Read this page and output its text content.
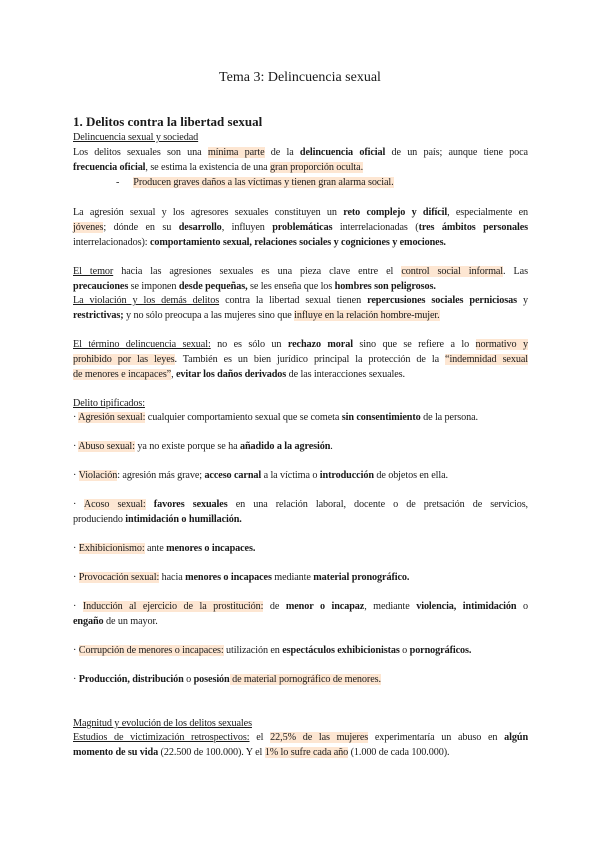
Tema 3: Delincuencia sexual
1. Delitos contra la libertad sexual
Delincuencia sexual y sociedad
Los delitos sexuales son una mínima parte de la delincuencia oficial de un país; aunque tiene poca
frecuencia oficial, se estima la existencia de una gran proporción oculta.
- Producen graves daños a las víctimas y tienen gran alarma social.
La agresión sexual y los agresores sexuales constituyen un reto complejo y difícil, especialmente en
jóvenes; dónde en su desarrollo, influyen problemáticas interrelacionadas (tres ámbitos personales
interrelacionados): comportamiento sexual, relaciones sociales y cogniciones y emociones.
El temor hacia las agresiones sexuales es una pieza clave entre el control social informal. Las
precauciones se imponen desde pequeñas, se les enseña que los hombres son peligrosos.
La violación y los demás delitos contra la libertad sexual tienen repercusiones sociales perniciosas y
restrictivas; y no sólo preocupa a las mujeres sino que influye en la relación hombre-mujer.
El término delincuencia sexual: no es sólo un rechazo moral sino que se refiere a lo normativo y
prohibido por las leyes. También es un bien jurídico principal la protección de la “indemnidad sexual
de menores e incapaces”, evitar los daños derivados de las interacciones sexuales.
Delito tipificados:
· Agresión sexual: cualquier comportamiento sexual que se cometa sin consentimiento de la persona.
· Abuso sexual: ya no existe porque se ha añadido a la agresión.
· Violación: agresión más grave; acceso carnal a la víctima o introducción de objetos en ella.
· Acoso sexual: favores sexuales en una relación laboral, docente o de pretsación de servicios,
produciendo intimidación o humillación.
· Exhibicionismo: ante menores o incapaces.
· Provocación sexual: hacia menores o incapaces mediante material pronográfico.
· Inducción al ejercicio de la prostitución: de menor o incapaz, mediante violencia, intimidación o
engaño de un mayor.
· Corrupción de menores o incapaces: utilización en espectáculos exhibicionistas o pornográficos.
· Producción, distribución o posesión de material pornográfico de menores.
Magnitud y evolución de los delitos sexuales
Estudios de victimización retrospectivos: el 22,5% de las mujeres experimentaría un abuso en algún
momento de su vida (22.500 de 100.000). Y el 1% lo sufre cada año (1.000 de cada 100.000).
